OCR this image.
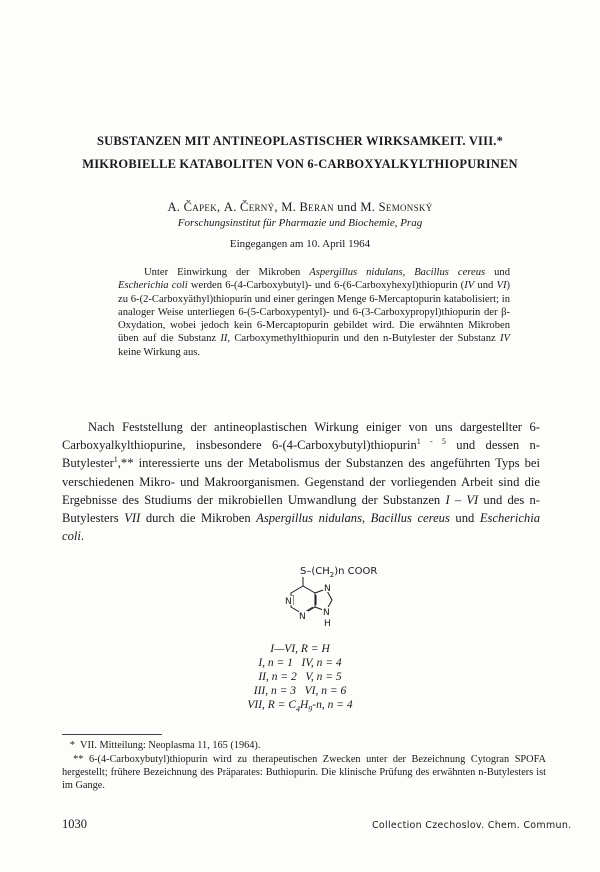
SUBSTANZEN MIT ANTINEOPLASTISCHER WIRKSAMKEIT. VIII.*
MIKROBIELLE KATABOLITEN VON 6-CARBOXYALKYLTHIOPURINEN
A. Čapek, A. Černý, M. Beran und M. Semonský
Forschungsinstitut für Pharmazie und Biochemie, Prag
Eingegangen am 10. April 1964
Unter Einwirkung der Mikroben Aspergillus nidulans, Bacillus cereus und Escherichia coli werden 6-(4-Carboxybutyl)- und 6-(6-Carboxyhexyl)thiopurin (IV und VI) zu 6-(2-Carboxyäthyl)thiopurin und einer geringen Menge 6-Mercaptopurin katabolisiert; in analoger Weise unterliegen 6-(5-Carboxypentyl)- und 6-(3-Carboxypropyl)thiopurin der β-Oxydation, wobei jedoch kein 6-Mercaptopurin gebildet wird. Die erwähnten Mikroben üben auf die Substanz II, Carboxymethylthiopurin und den n-Butylester der Substanz IV keine Wirkung aus.
Nach Feststellung der antineoplastischen Wirkung einiger von uns dargestellter 6-Carboxyalkylthiopurine, insbesondere 6-(4-Carboxybutyl)thiopurin$^{1 - 5}$ und dessen n-Butylester$^1$,** interessierte uns der Metabolismus der Substanzen des angeführten Typs bei verschiedenen Mikro- und Makroorganismen. Gegenstand der vorliegenden Arbeit sind die Ergebnisse des Studiums der mikrobiellen Umwandlung der Substanzen I – VI und des n-Butylesters VII durch die Mikroben Aspergillus nidulans, Bacillus cereus und Escherichia coli.
$S-(CH_2)n$ COOR
N
N
N
N
H
I—VI, R = H
I, n = 1 IV, n = 4
II, n = 2 V, n = 5
III, n = 3 VI, n = 6
VII, $R = C_4H_9-n$, n = 4
* VII. Mitteilung: Neoplasma 11, 165 (1964).
** 6-(4-Carboxybutyl)thiopurin wird zu therapeutischen Zwecken unter der Bezeichnung Cytogran SPOFA hergestellt; frühere Bezeichnung des Präparates: Buthiopurin. Die klinische Prüfung des erwähnten n-Butylesters ist im Gange.
1030	Collection Czechoslov. Chem. Commun.
